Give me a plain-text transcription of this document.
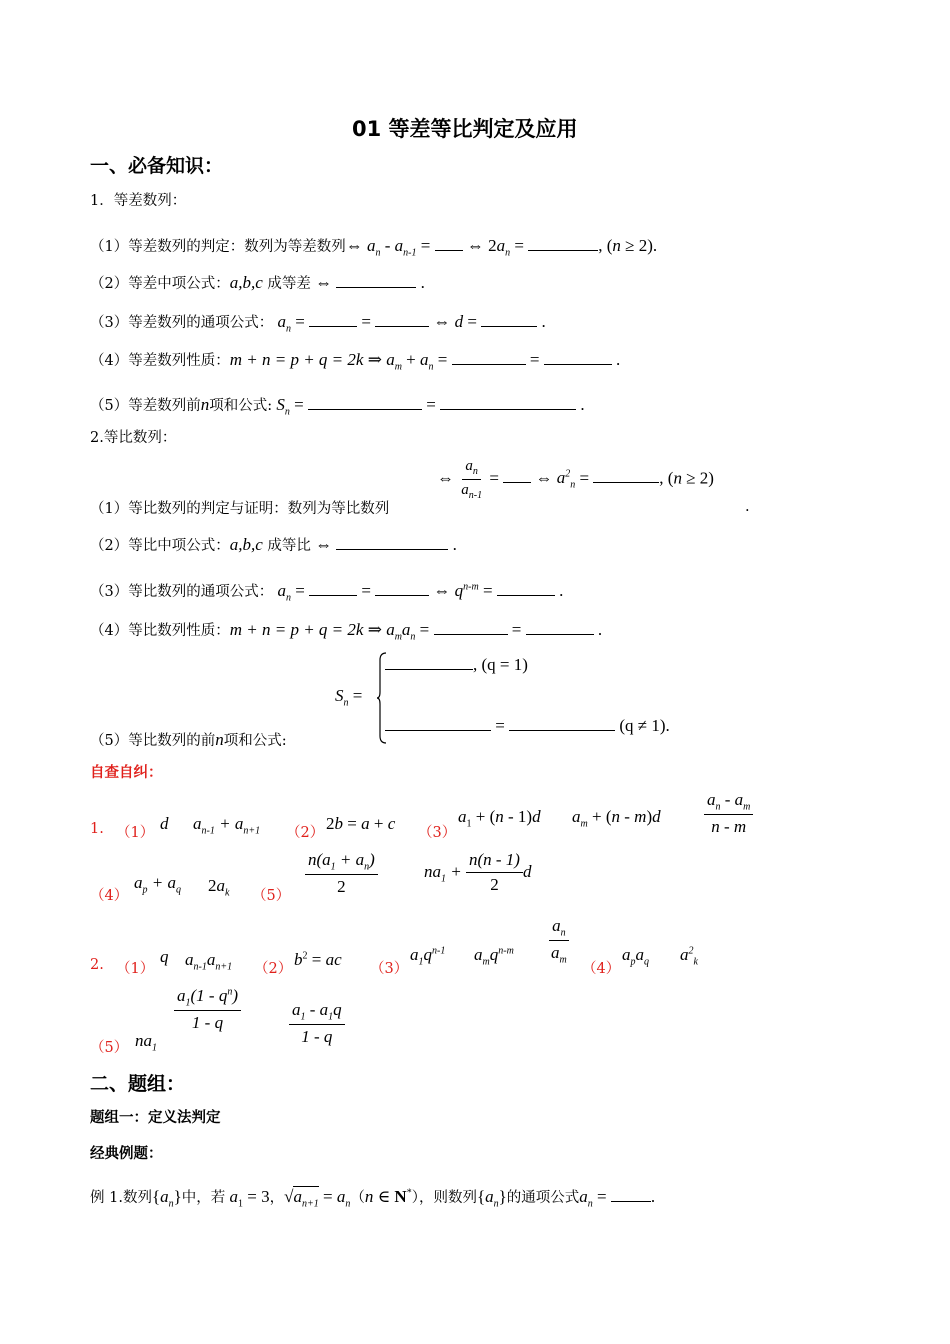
01 等差等比判定及应用
一、必备知识：
1．等差数列：
（1）等差数列的判定：数列为等差数列⇔ $a_n - a_{n-1}$ =  ⇔ $2a_n$ =	, (n ≥ 2).
（2）等差中项公式：a,b,c 成等差 ⇔	.
（3）等差数列的通项公式： $a_n$ =	=	⇔ d =	.
（4）等差数列性质：m + n = p + q = 2k ⇒ $a_m + a_n$ =	=	.
（5）等差数列前n项和公式: $S_n$ =	=	.
2.等比数列：
⇔ $\frac{a_n}{a_{n-1}}$ =  ⇔ $a^2_n$ =	, (n ≥ 2)
（1）等比数列的判定与证明：数列为等比数列	.
（2）等比中项公式：a,b,c 成等比 ⇔	.
（3）等比数列的通项公式： $a_n$ =	=	⇔ $q^{n-m}$ =	.
（4）等比数列性质：m + n = p + q = 2k ⇒ $a_ma_n$ =	=	.
$S_n$ =
, (q = 1)
=	(q ≠ 1).
（5）等比数列的前n项和公式:
自查自纠：
1. （1） d $a_{n-1} + a_{n+1}$ （2） 2b = a + c （3）
$a_1 + (n - 1)d$ $a_m + (n - m)d$	$\frac{a_n - a_m}{n - m}$
（4）
$a_p + a_q$ $2a_k$ $(5) \frac{n(a_1 + a_n)}{2}$	$na_1 + \frac{n(n - 1)}{2}$ d
2. （1）
q $a_{n-1}a_{n+1}$ （2） $b^2$ = ac （3）
$a_1q^{n-1}$ $a_mq^{n-m} \frac{a_n}{a_m}$
（4）
$a_pa_q$ $a^2_k$
（5） $na_1$
$\frac{a_1(1 - q^n)}{1 - q}$	$\frac{a_1 - a_1q}{1 - q}$
二、题组：
题组一：定义法判定
经典例题：
例 1.数列$\{a_n\}$中，若 $a_1 = 3$，$√a_{n+1} = a_n(n$ ∈ N*），则数列$\{a_n\}$的通项公式$a_n$ = .
